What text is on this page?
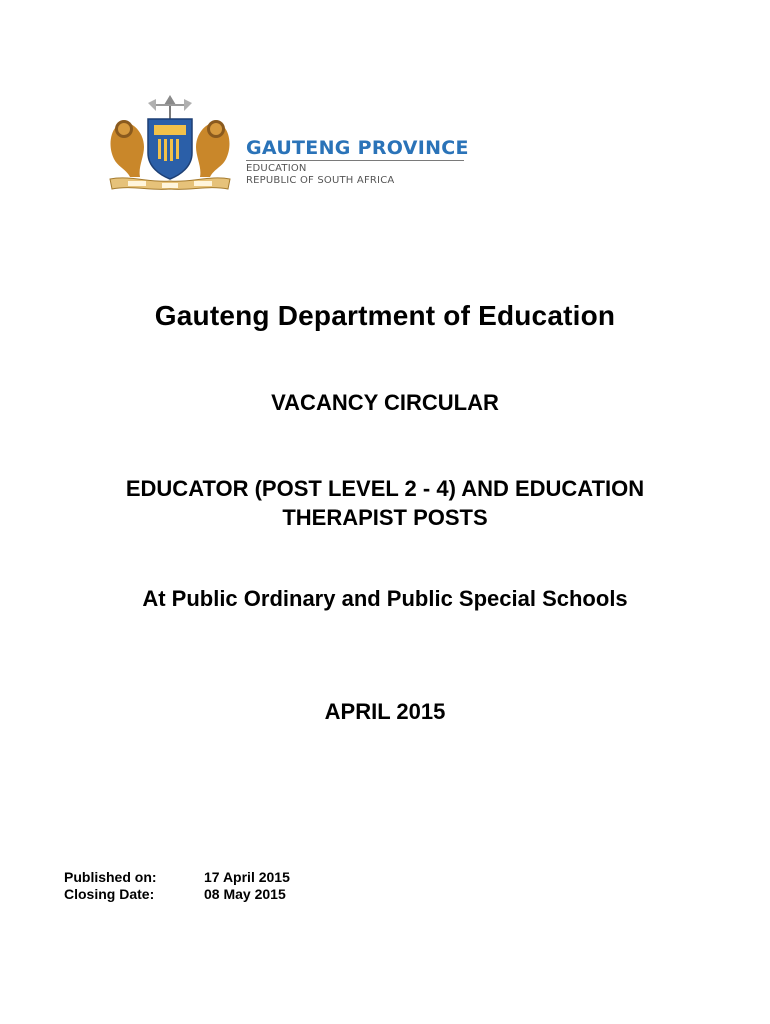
GAUTENG PROVINCE
EDUCATION
REPUBLIC OF SOUTH AFRICA
Gauteng Department of Education
VACANCY CIRCULAR
EDUCATOR (POST LEVEL 2 - 4) AND EDUCATION
THERAPIST POSTS
At Public Ordinary and Public Special Schools
APRIL 2015
Published on:	17 April 2015
Closing Date:	08 May 2015
